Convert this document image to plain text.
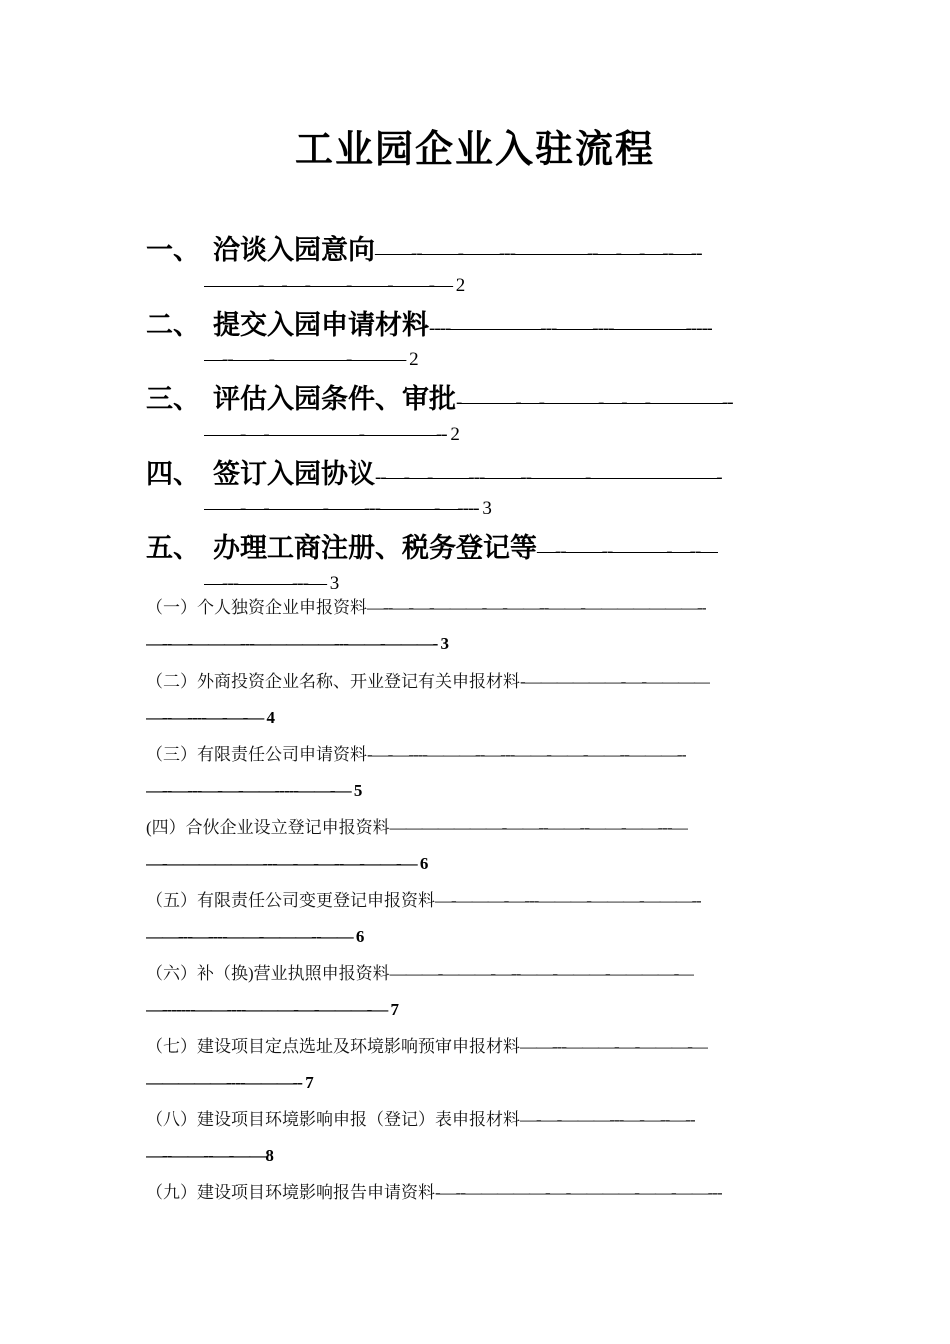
工业园企业入驻流程
一、 洽谈入园意向——--——-——---————--—-—-—--—--
———-—-—-——-——-——-— 2
二、 提交入园申请材料----—————---——----————-----
—--——-————-——— 2
三、 评估入园条件、审批-———-—-———-—-—-————--
——-—-—————-————-- 2
四、 签订入园协议--—-—-——---——--———-———————-
——-—-———-——---———-—---- 3
五、 办理工商注册、税务登记等—--——--———-—--—
—---———---— 3
（一）个人独资企业申报资料—--—-—-———-—-——--——-———————--
—--—-———---—————---——-———- 3
（二）外商投资企业名称、开业登记有关申报材料-——————-—-————
—--—----—-—-— 4
（三）有限责任公司申请资料-—-—----———--—---——-——-——--———--
—--—---—-—-——-----——-— 5
(四）合伙企业设立登记申报资料———————-——--——--——-——---—
—-——————---—-—-—--—-——-— 6
（五）有限责任公司变更登记申报资料—-———-—---———-———-———--
——---—----——-———--—— 6
（六）补（换)营业执照申报资料———-———-—--——-———-————-—
—-------——----———-—-———-— 7
（七）建设项目定点选址及环境影响预审申报材料——---———-—-———-—
—————----———-- 7
（八）建设项目环境影响申报（登记）表申报材料—-—-———---—-—--—--
—--——--—-——8
（九）建设项目环境影响报告申请资料-—--—————-—-————-——-——---
